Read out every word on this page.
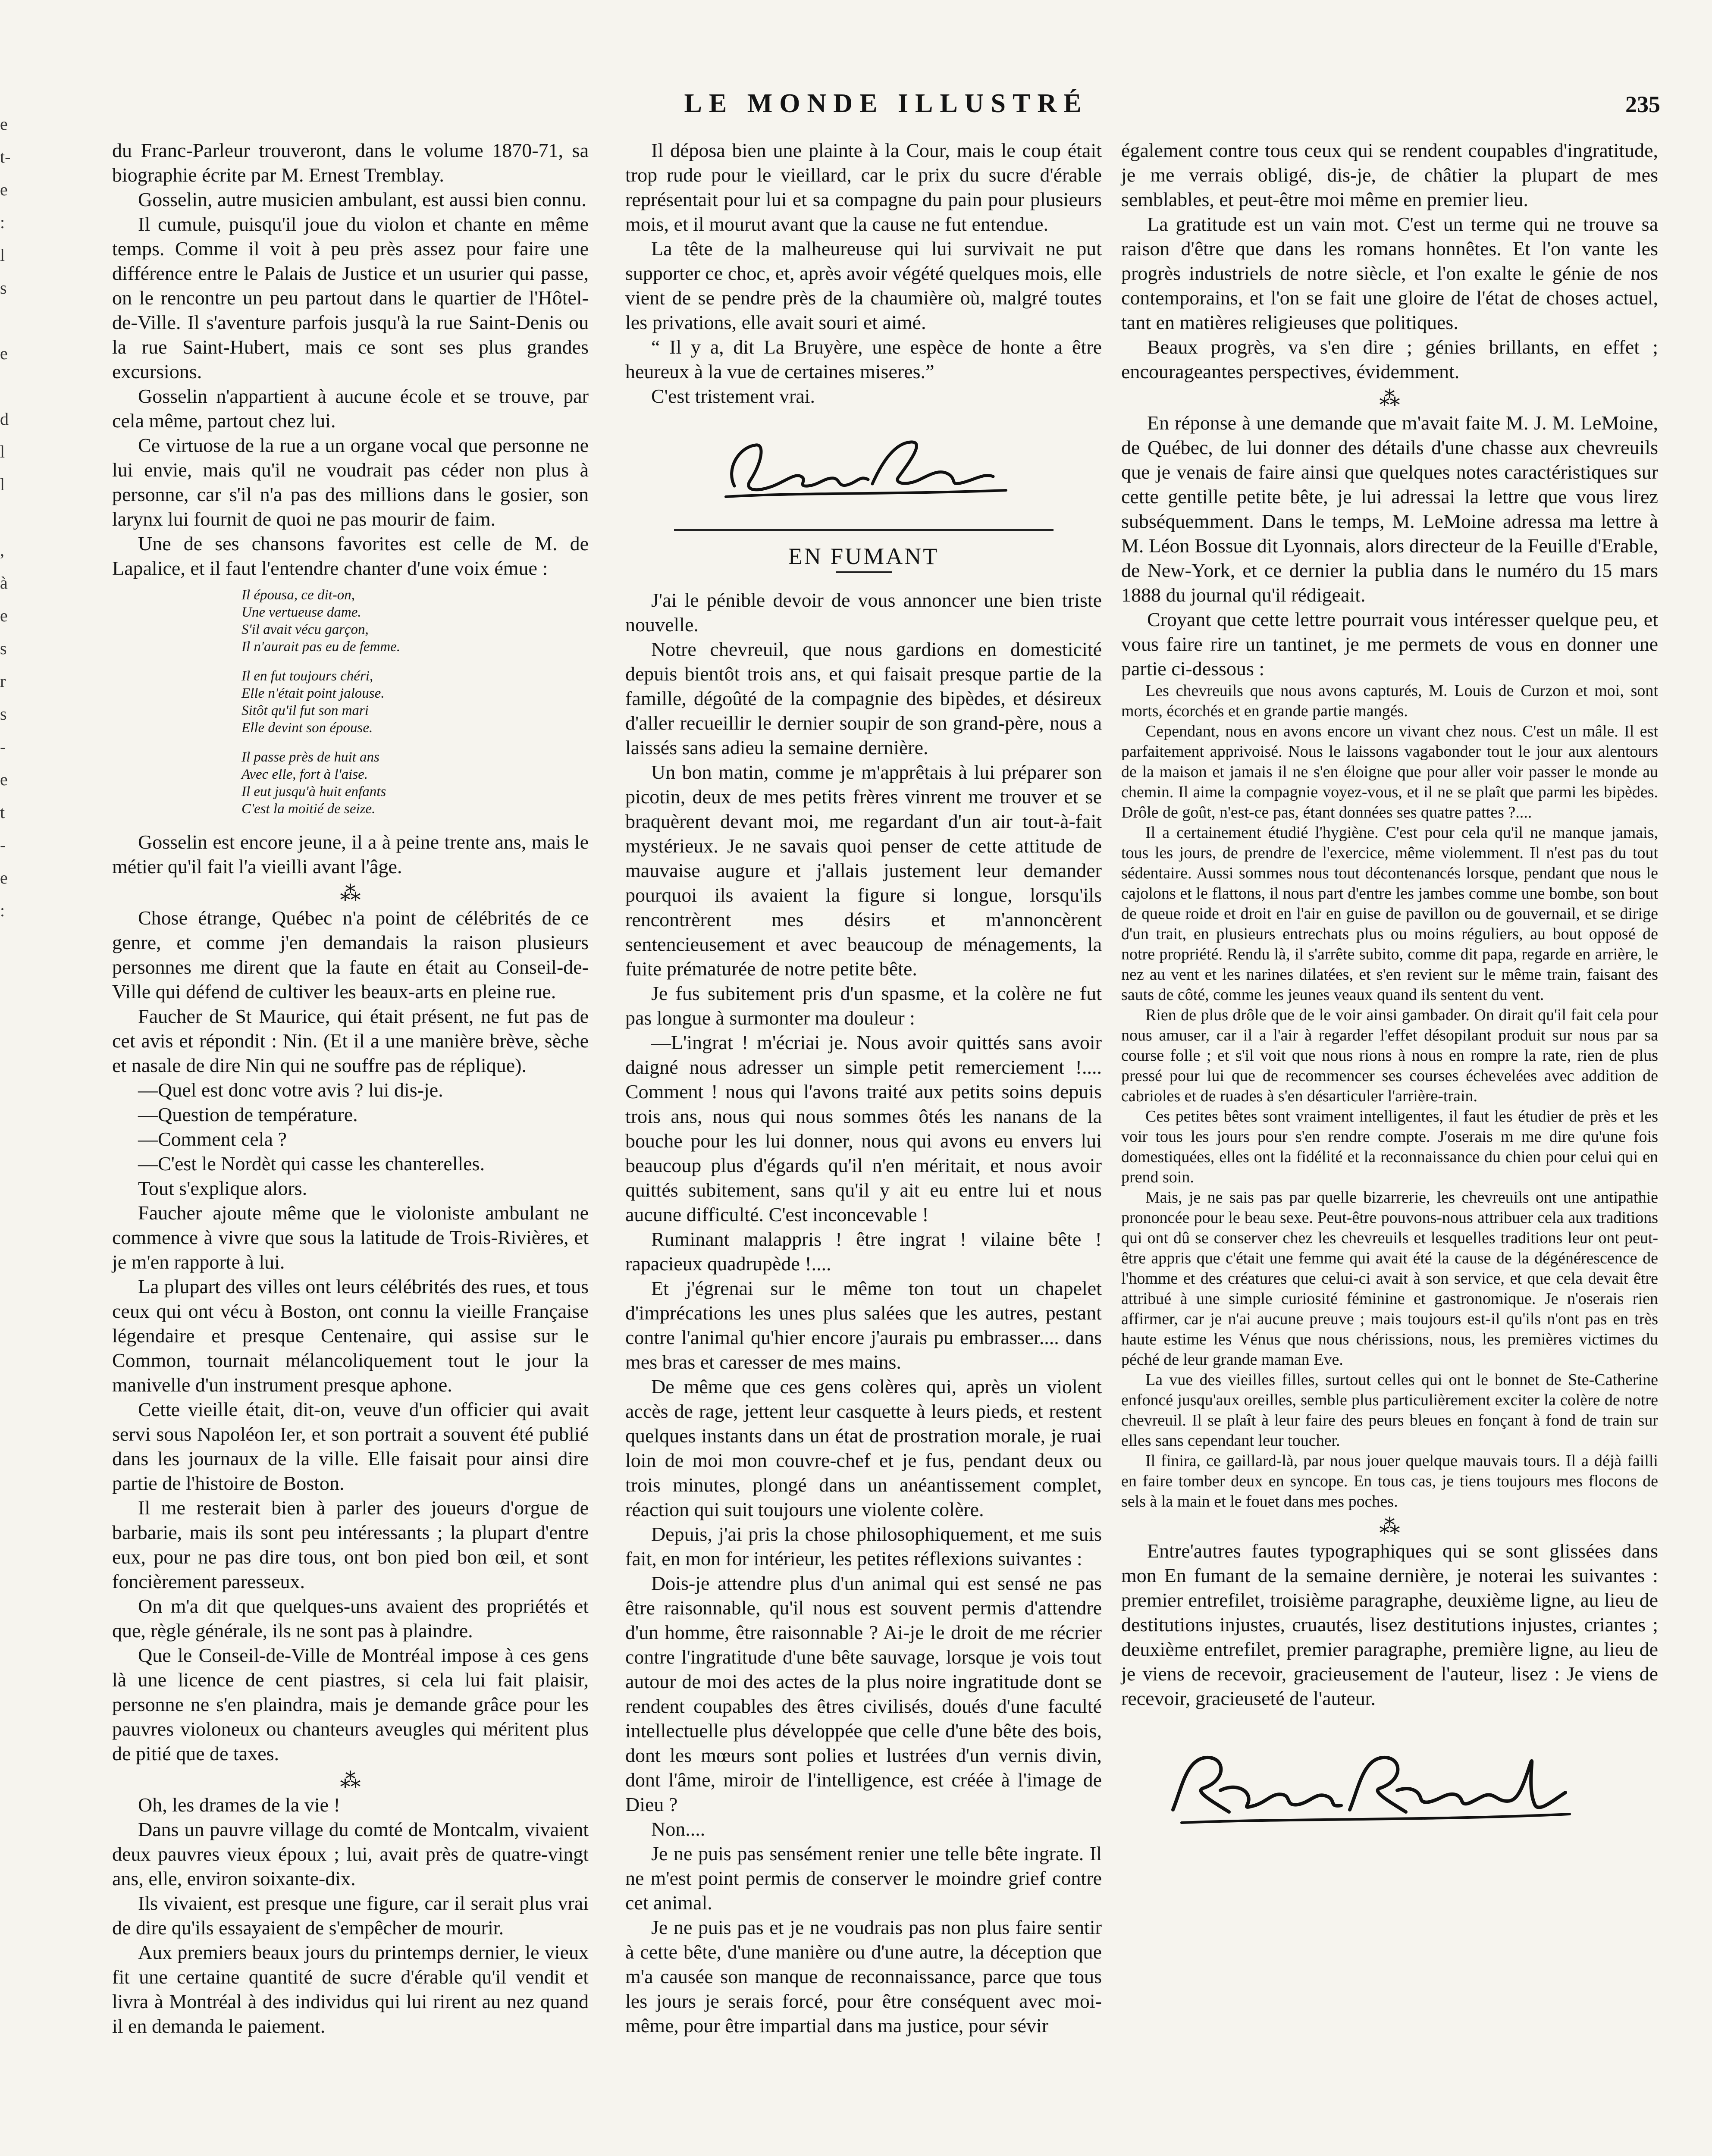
e
t-
e
:
l
s

e

d
l
l

,
à
e
s
r
s
-
e
t
-
e
:
LE MONDE ILLUSTRÉ	235

du Franc-Parleur trouveront, dans le volume 1870-71, sa biographie écrite par M. Ernest Tremblay.

Gosselin, autre musicien ambulant, est aussi bien connu.

Il cumule, puisqu'il joue du violon et chante en même temps. Comme il voit à peu près assez pour faire une différence entre le Palais de Justice et un usurier qui passe, on le rencontre un peu partout dans le quartier de l'Hôtel-de-Ville. Il s'aventure parfois jusqu'à la rue Saint-Denis ou la rue Saint-Hubert, mais ce sont ses plus grandes excursions.

Gosselin n'appartient à aucune école et se trouve, par cela même, partout chez lui.

Ce virtuose de la rue a un organe vocal que personne ne lui envie, mais qu'il ne voudrait pas céder non plus à personne, car s'il n'a pas des millions dans le gosier, son larynx lui fournit de quoi ne pas mourir de faim.

Une de ses chansons favorites est celle de M. de Lapalice, et il faut l'entendre chanter d'une voix émue :

Il épousa, ce dit-on,
Une vertueuse dame.
S'il avait vécu garçon,
Il n'aurait pas eu de femme.
Il en fut toujours chéri,
Elle n'était point jalouse.
Sitôt qu'il fut son mari
Elle devint son épouse.
Il passe près de huit ans
Avec elle, fort à l'aise.
Il eut jusqu'à huit enfants
C'est la moitié de seize.

Gosselin est encore jeune, il a à peine trente ans, mais le métier qu'il fait l'a vieilli avant l'âge.

⁂

Chose étrange, Québec n'a point de célébrités de ce genre, et comme j'en demandais la raison plusieurs personnes me dirent que la faute en était au Conseil-de-Ville qui défend de cultiver les beaux-arts en pleine rue.

Faucher de St Maurice, qui était présent, ne fut pas de cet avis et répondit : Nin. (Et il a une manière brève, sèche et nasale de dire Nin qui ne souffre pas de réplique).

—Quel est donc votre avis ? lui dis-je.

—Question de température.

—Comment cela ?

—C'est le Nordèt qui casse les chanterelles.

Tout s'explique alors.

Faucher ajoute même que le violoniste ambulant ne commence à vivre que sous la latitude de Trois-Rivières, et je m'en rapporte à lui.

La plupart des villes ont leurs célébrités des rues, et tous ceux qui ont vécu à Boston, ont connu la vieille Française légendaire et presque Centenaire, qui assise sur le Common, tournait mélancoliquement tout le jour la manivelle d'un instrument presque aphone.

Cette vieille était, dit-on, veuve d'un officier qui avait servi sous Napoléon Ier, et son portrait a souvent été publié dans les journaux de la ville. Elle faisait pour ainsi dire partie de l'histoire de Boston.

Il me resterait bien à parler des joueurs d'orgue de barbarie, mais ils sont peu intéressants ; la plupart d'entre eux, pour ne pas dire tous, ont bon pied bon œil, et sont foncièrement paresseux.

On m'a dit que quelques-uns avaient des propriétés et que, règle générale, ils ne sont pas à plaindre.

Que le Conseil-de-Ville de Montréal impose à ces gens là une licence de cent piastres, si cela lui fait plaisir, personne ne s'en plaindra, mais je demande grâce pour les pauvres violoneux ou chanteurs aveugles qui méritent plus de pitié que de taxes.

⁂

Oh, les drames de la vie !

Dans un pauvre village du comté de Montcalm, vivaient deux pauvres vieux époux ; lui, avait près de quatre-vingt ans, elle, environ soixante-dix.

Ils vivaient, est presque une figure, car il serait plus vrai de dire qu'ils essayaient de s'empêcher de mourir.

Aux premiers beaux jours du printemps dernier, le vieux fit une certaine quantité de sucre d'érable qu'il vendit et livra à Montréal à des individus qui lui rirent au nez quand il en demanda le paiement.

Il déposa bien une plainte à la Cour, mais le coup était trop rude pour le vieillard, car le prix du sucre d'érable représentait pour lui et sa compagne du pain pour plusieurs mois, et il mourut avant que la cause ne fut entendue.

La tête de la malheureuse qui lui survivait ne put supporter ce choc, et, après avoir végété quelques mois, elle vient de se pendre près de la chaumière où, malgré toutes les privations, elle avait souri et aimé.

“ Il y a, dit La Bruyère, une espèce de honte a être heureux à la vue de certaines miseres.”

C'est tristement vrai.

EN FUMANT

J'ai le pénible devoir de vous annoncer une bien triste nouvelle.

Notre chevreuil, que nous gardions en domesticité depuis bientôt trois ans, et qui faisait presque partie de la famille, dégoûté de la compagnie des bipèdes, et désireux d'aller recueillir le dernier soupir de son grand-père, nous a laissés sans adieu la semaine dernière.

Un bon matin, comme je m'apprêtais à lui préparer son picotin, deux de mes petits frères vinrent me trouver et se braquèrent devant moi, me regardant d'un air tout-à-fait mystérieux. Je ne savais quoi penser de cette attitude de mauvaise augure et j'allais justement leur demander pourquoi ils avaient la figure si longue, lorsqu'ils rencontrèrent mes désirs et m'annoncèrent sentencieusement et avec beaucoup de ménagements, la fuite prématurée de notre petite bête.

Je fus subitement pris d'un spasme, et la colère ne fut pas longue à surmonter ma douleur :

—L'ingrat ! m'écriai je. Nous avoir quittés sans avoir daigné nous adresser un simple petit remerciement !.... Comment ! nous qui l'avons traité aux petits soins depuis trois ans, nous qui nous sommes ôtés les nanans de la bouche pour les lui donner, nous qui avons eu envers lui beaucoup plus d'égards qu'il n'en méritait, et nous avoir quittés subitement, sans qu'il y ait eu entre lui et nous aucune difficulté. C'est inconcevable !

Ruminant malappris ! être ingrat ! vilaine bête ! rapacieux quadrupède !....

Et j'égrenai sur le même ton tout un chapelet d'imprécations les unes plus salées que les autres, pestant contre l'animal qu'hier encore j'aurais pu embrasser.... dans mes bras et caresser de mes mains.

De même que ces gens colères qui, après un violent accès de rage, jettent leur casquette à leurs pieds, et restent quelques instants dans un état de prostration morale, je ruai loin de moi mon couvre-chef et je fus, pendant deux ou trois minutes, plongé dans un anéantissement complet, réaction qui suit toujours une violente colère.

Depuis, j'ai pris la chose philosophiquement, et me suis fait, en mon for intérieur, les petites réflexions suivantes :

Dois-je attendre plus d'un animal qui est sensé ne pas être raisonnable, qu'il nous est souvent permis d'attendre d'un homme, être raisonnable ? Ai-je le droit de me récrier contre l'ingratitude d'une bête sauvage, lorsque je vois tout autour de moi des actes de la plus noire ingratitude dont se rendent coupables des êtres civilisés, doués d'une faculté intellectuelle plus développée que celle d'une bête des bois, dont les mœurs sont polies et lustrées d'un vernis divin, dont l'âme, miroir de l'intelligence, est créée à l'image de Dieu ?

Non....

Je ne puis pas sensément renier une telle bête ingrate. Il ne m'est point permis de conserver le moindre grief contre cet animal.

Je ne puis pas et je ne voudrais pas non plus faire sentir à cette bête, d'une manière ou d'une autre, la déception que m'a causée son manque de reconnaissance, parce que tous les jours je serais forcé, pour être conséquent avec moi-même, pour être impartial dans ma justice, pour sévir

également contre tous ceux qui se rendent coupables d'ingratitude, je me verrais obligé, dis-je, de châtier la plupart de mes semblables, et peut-être moi même en premier lieu.

La gratitude est un vain mot. C'est un terme qui ne trouve sa raison d'être que dans les romans honnêtes. Et l'on vante les progrès industriels de notre siècle, et l'on exalte le génie de nos contemporains, et l'on se fait une gloire de l'état de choses actuel, tant en matières religieuses que politiques.

Beaux progrès, va s'en dire ; génies brillants, en effet ; encourageantes perspectives, évidemment.

⁂

En réponse à une demande que m'avait faite M. J. M. LeMoine, de Québec, de lui donner des détails d'une chasse aux chevreuils que je venais de faire ainsi que quelques notes caractéristiques sur cette gentille petite bête, je lui adressai la lettre que vous lirez subséquemment. Dans le temps, M. LeMoine adressa ma lettre à M. Léon Bossue dit Lyonnais, alors directeur de la Feuille d'Erable, de New-York, et ce dernier la publia dans le numéro du 15 mars 1888 du journal qu'il rédigeait.

Croyant que cette lettre pourrait vous intéresser quelque peu, et vous faire rire un tantinet, je me permets de vous en donner une partie ci-dessous :

Les chevreuils que nous avons capturés, M. Louis de Curzon et moi, sont morts, écorchés et en grande partie mangés.

Cependant, nous en avons encore un vivant chez nous. C'est un mâle. Il est parfaitement apprivoisé. Nous le laissons vagabonder tout le jour aux alentours de la maison et jamais il ne s'en éloigne que pour aller voir passer le monde au chemin. Il aime la compagnie voyez-vous, et il ne se plaît que parmi les bipèdes. Drôle de goût, n'est-ce pas, étant données ses quatre pattes ?....

Il a certainement étudié l'hygiène. C'est pour cela qu'il ne manque jamais, tous les jours, de prendre de l'exercice, même violemment. Il n'est pas du tout sédentaire. Aussi sommes nous tout décontenancés lorsque, pendant que nous le cajolons et le flattons, il nous part d'entre les jambes comme une bombe, son bout de queue roide et droit en l'air en guise de pavillon ou de gouvernail, et se dirige d'un trait, en plusieurs entrechats plus ou moins réguliers, au bout opposé de notre propriété. Rendu là, il s'arrête subito, comme dit papa, regarde en arrière, le nez au vent et les narines dilatées, et s'en revient sur le même train, faisant des sauts de côté, comme les jeunes veaux quand ils sentent du vent.

Rien de plus drôle que de le voir ainsi gambader. On dirait qu'il fait cela pour nous amuser, car il a l'air à regarder l'effet désopilant produit sur nous par sa course folle ; et s'il voit que nous rions à nous en rompre la rate, rien de plus pressé pour lui que de recommencer ses courses échevelées avec addition de cabrioles et de ruades à s'en désarticuler l'arrière-train.

Ces petites bêtes sont vraiment intelligentes, il faut les étudier de près et les voir tous les jours pour s'en rendre compte. J'oserais m me dire qu'une fois domestiquées, elles ont la fidélité et la reconnaissance du chien pour celui qui en prend soin.

Mais, je ne sais pas par quelle bizarrerie, les chevreuils ont une antipathie prononcée pour le beau sexe. Peut-être pouvons-nous attribuer cela aux traditions qui ont dû se conserver chez les chevreuils et lesquelles traditions leur ont peut-être appris que c'était une femme qui avait été la cause de la dégénérescence de l'homme et des créatures que celui-ci avait à son service, et que cela devait être attribué à une simple curiosité féminine et gastronomique. Je n'oserais rien affirmer, car je n'ai aucune preuve ; mais toujours est-il qu'ils n'ont pas en très haute estime les Vénus que nous chérissions, nous, les premières victimes du péché de leur grande maman Eve.

La vue des vieilles filles, surtout celles qui ont le bonnet de Ste-Catherine enfoncé jusqu'aux oreilles, semble plus particulièrement exciter la colère de notre chevreuil. Il se plaît à leur faire des peurs bleues en fonçant à fond de train sur elles sans cependant leur toucher.

Il finira, ce gaillard-là, par nous jouer quelque mauvais tours. Il a déjà failli en faire tomber deux en syncope. En tous cas, je tiens toujours mes flocons de sels à la main et le fouet dans mes poches.

⁂

Entre'autres fautes typographiques qui se sont glissées dans mon En fumant de la semaine dernière, je noterai les suivantes : premier entrefilet, troisième paragraphe, deuxième ligne, au lieu de destitutions injustes, cruautés, lisez destitutions injustes, criantes ; deuxième entrefilet, premier paragraphe, première ligne, au lieu de je viens de recevoir, gracieusement de l'auteur, lisez : Je viens de recevoir, gracieuseté de l'auteur.
